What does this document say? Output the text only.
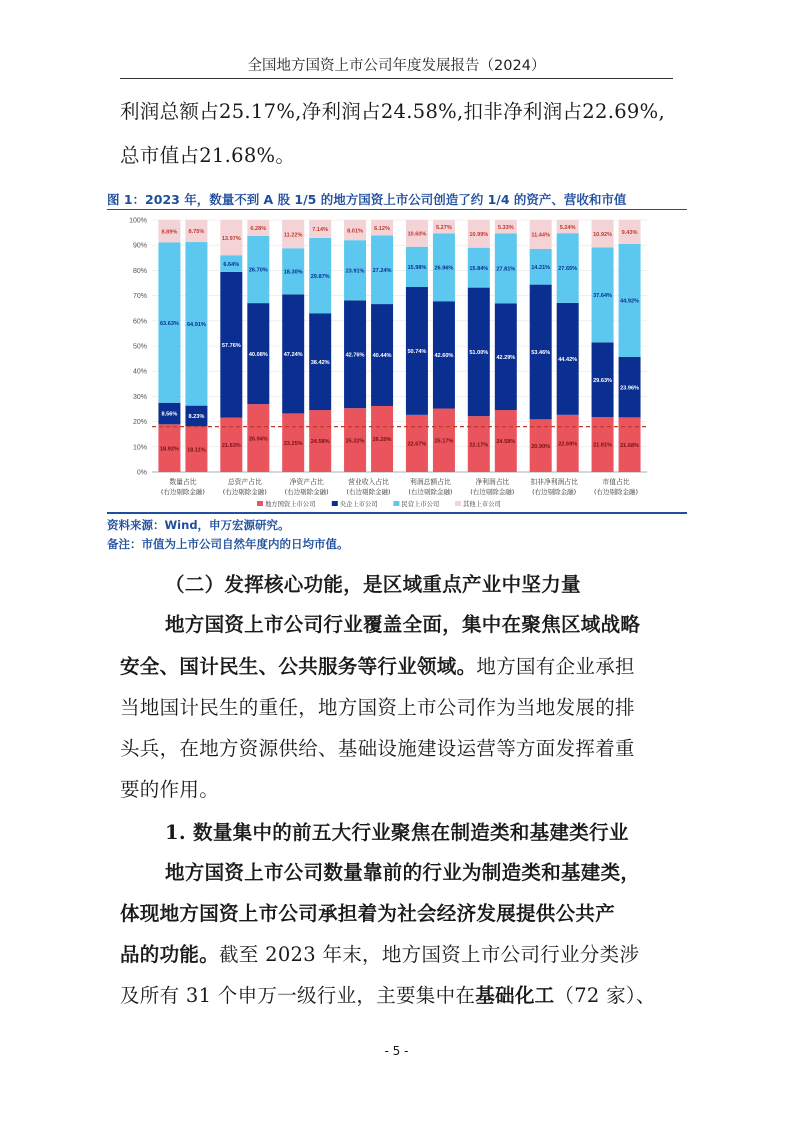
全国地方国资上市公司年度发展报告（2024）
利润总额占25.17%,净利润占24.58%,扣非净利润占22.69%,
总市值占21.68%。
图 1：2023 年，数量不到 A 股 1/5 的地方国资上市公司创造了约 1/4 的资产、营收和市值
0%
10%
20%
30%
40%
50%
60%
70%
80%
90%
100%
18.92%
8.56%
63.63%
8.89%
18.11%
8.23%
64.91%
8.75%
数量占比
(右边剔除金融)
21.63%
57.76%
6.64%
13.97%
26.94%
40.08%
26.70%
6.28%
总资产占比
(右边剔除金融)
23.25%
47.24%
18.30%
11.22%
24.58%
38.42%
29.87%
7.14%
净资产占比
(右边剔除金融)
25.32%
42.76%
23.91%
8.01%
26.20%
40.44%
27.24%
6.12%
营业收入占比
(右边剔除金融)
22.67%
50.74%
15.98%
10.60%
25.17%
42.60%
26.96%
5.27%
利润总额占比
(右边剔除金融)
22.17%
51.00%
15.84%
10.99%
24.58%
42.29%
27.81%
5.33%
净利润占比
(右边剔除金融)
20.90%
53.46%
14.21%
11.44%
22.69%
44.42%
27.65%
5.24%
扣非净利润占比
(右边剔除金融)
21.81%
29.63%
37.64%
10.92%
21.68%
23.96%
44.92%
9.43%
市值占比
(右边剔除金融)
地方国资上市公司	央企上市公司	民营上市公司	其他上市公司
资料来源：Wind，申万宏源研究。
备注：市值为上市公司自然年度内的日均市值。
（二）发挥核心功能，是区域重点产业中坚力量
地方国资上市公司行业覆盖全面，集中在聚焦区域战略
安全、国计民生、公共服务等行业领域。地方国有企业承担
当地国计民生的重任，地方国资上市公司作为当地发展的排
头兵，在地方资源供给、基础设施建设运营等方面发挥着重
要的作用。
1. 数量集中的前五大行业聚焦在制造类和基建类行业
地方国资上市公司数量靠前的行业为制造类和基建类，
体现地方国资上市公司承担着为社会经济发展提供公共产
品的功能。截至 2023 年末，地方国资上市公司行业分类涉
及所有 31 个申万一级行业，主要集中在基础化工（72 家）、
- 5 -
